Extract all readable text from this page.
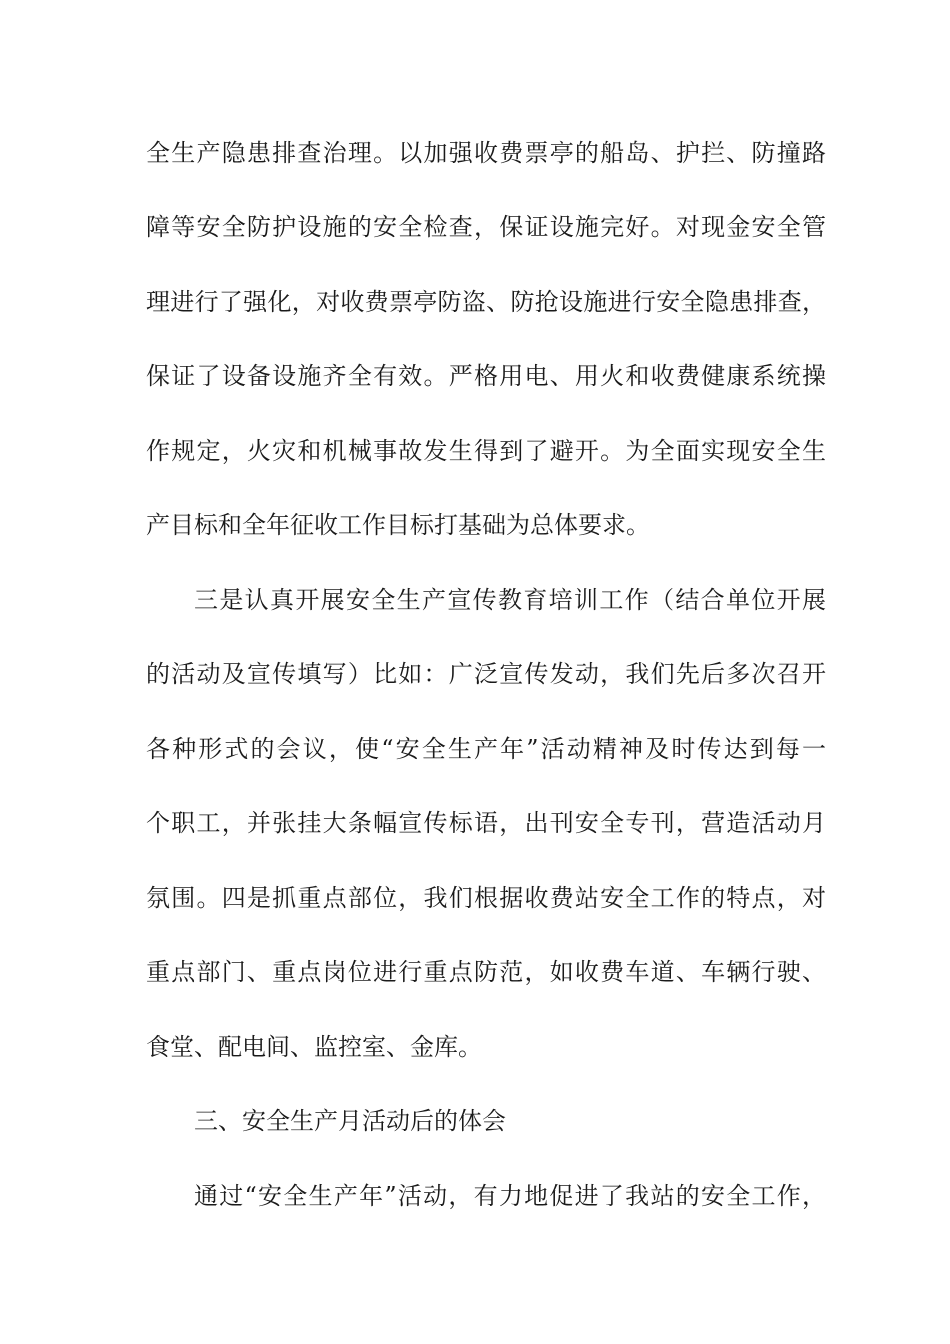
全生产隐患排查治理。以加强收费票亭的船岛、护拦、防撞路
障等安全防护设施的安全检查，保证设施完好。对现金安全管
理进行了强化，对收费票亭防盗、防抢设施进行安全隐患排查，
保证了设备设施齐全有效。严格用电、用火和收费健康系统操
作规定，火灾和机械事故发生得到了避开。为全面实现安全生
产目标和全年征收工作目标打基础为总体要求。
三是认真开展安全生产宣传教育培训工作（结合单位开展
的活动及宣传填写）比如：广泛宣传发动，我们先后多次召开
各种形式的会议，使“安全生产年”活动精神及时传达到每一
个职工，并张挂大条幅宣传标语，出刊安全专刊，营造活动月
氛围。四是抓重点部位，我们根据收费站安全工作的特点，对
重点部门、重点岗位进行重点防范，如收费车道、车辆行驶、
食堂、配电间、监控室、金库。
三、安全生产月活动后的体会
通过“安全生产年”活动，有力地促进了我站的安全工作，
